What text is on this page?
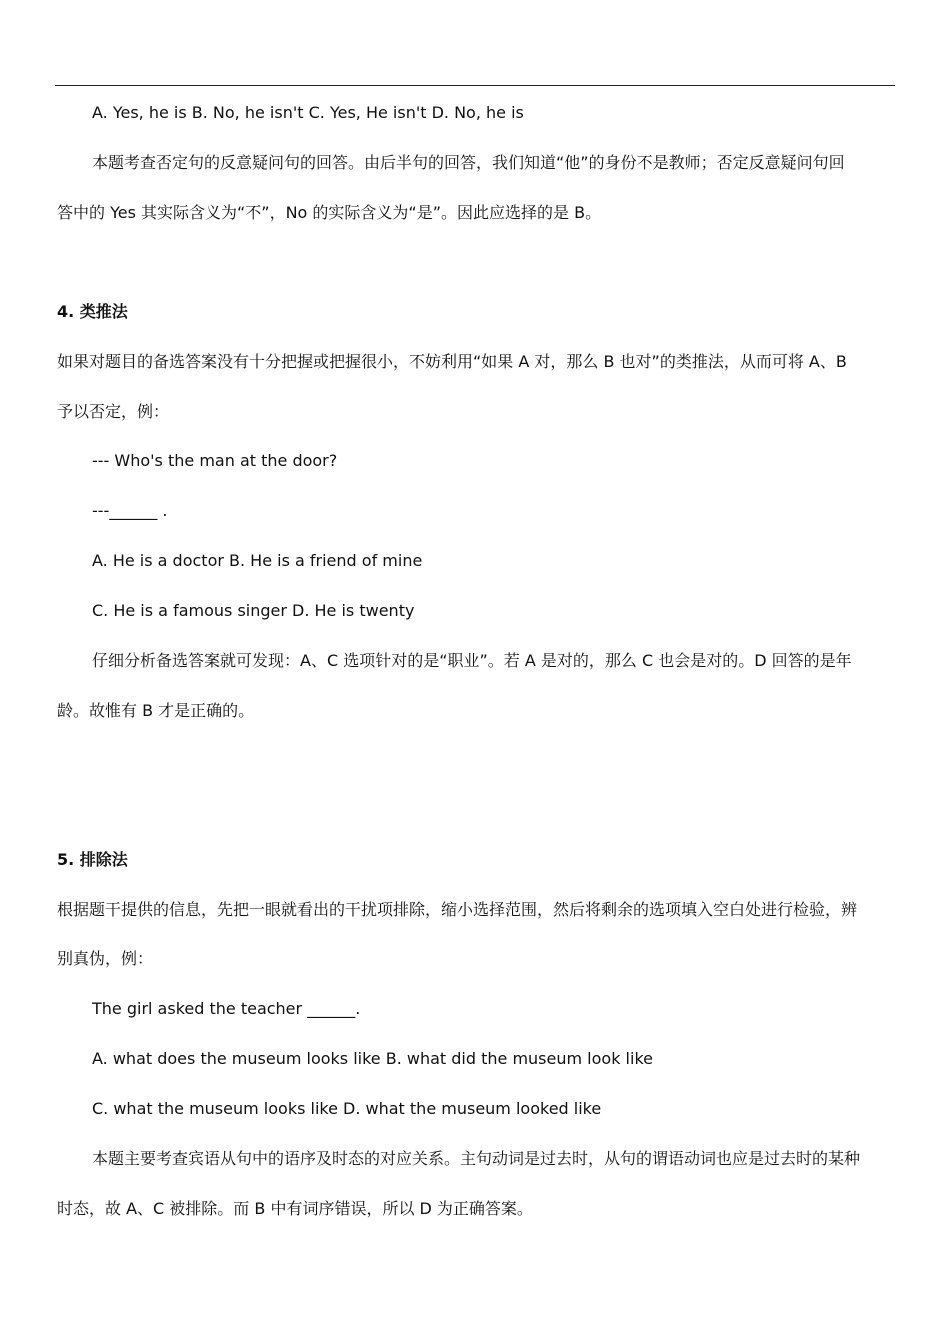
A. Yes, he is B. No, he isn't C. Yes, He isn't D. No, he is
本题考查否定句的反意疑问句的回答。由后半句的回答，我们知道“他”的身份不是教师；否定反意疑问句回
答中的 Yes 其实际含义为“不”，No 的实际含义为“是”。因此应选择的是 B。
4. 类推法
如果对题目的备选答案没有十分把握或把握很小，不妨利用“如果 A 对，那么 B 也对”的类推法，从而可将 A、B
予以否定，例：
--- Who's the man at the door?
---______ .
A. He is a doctor B. He is a friend of mine
C. He is a famous singer D. He is twenty
仔细分析备选答案就可发现：A、C 选项针对的是“职业”。若 A 是对的，那么 C 也会是对的。D 回答的是年
龄。故惟有 B 才是正确的。
5. 排除法
根据题干提供的信息，先把一眼就看出的干扰项排除，缩小选择范围，然后将剩余的选项填入空白处进行检验，辨
别真伪，例：
The girl asked the teacher ______.
A. what does the museum looks like B. what did the museum look like
C. what the museum looks like D. what the museum looked like
本题主要考查宾语从句中的语序及时态的对应关系。主句动词是过去时，从句的谓语动词也应是过去时的某种
时态，故 A、C 被排除。而 B 中有词序错误，所以 D 为正确答案。
